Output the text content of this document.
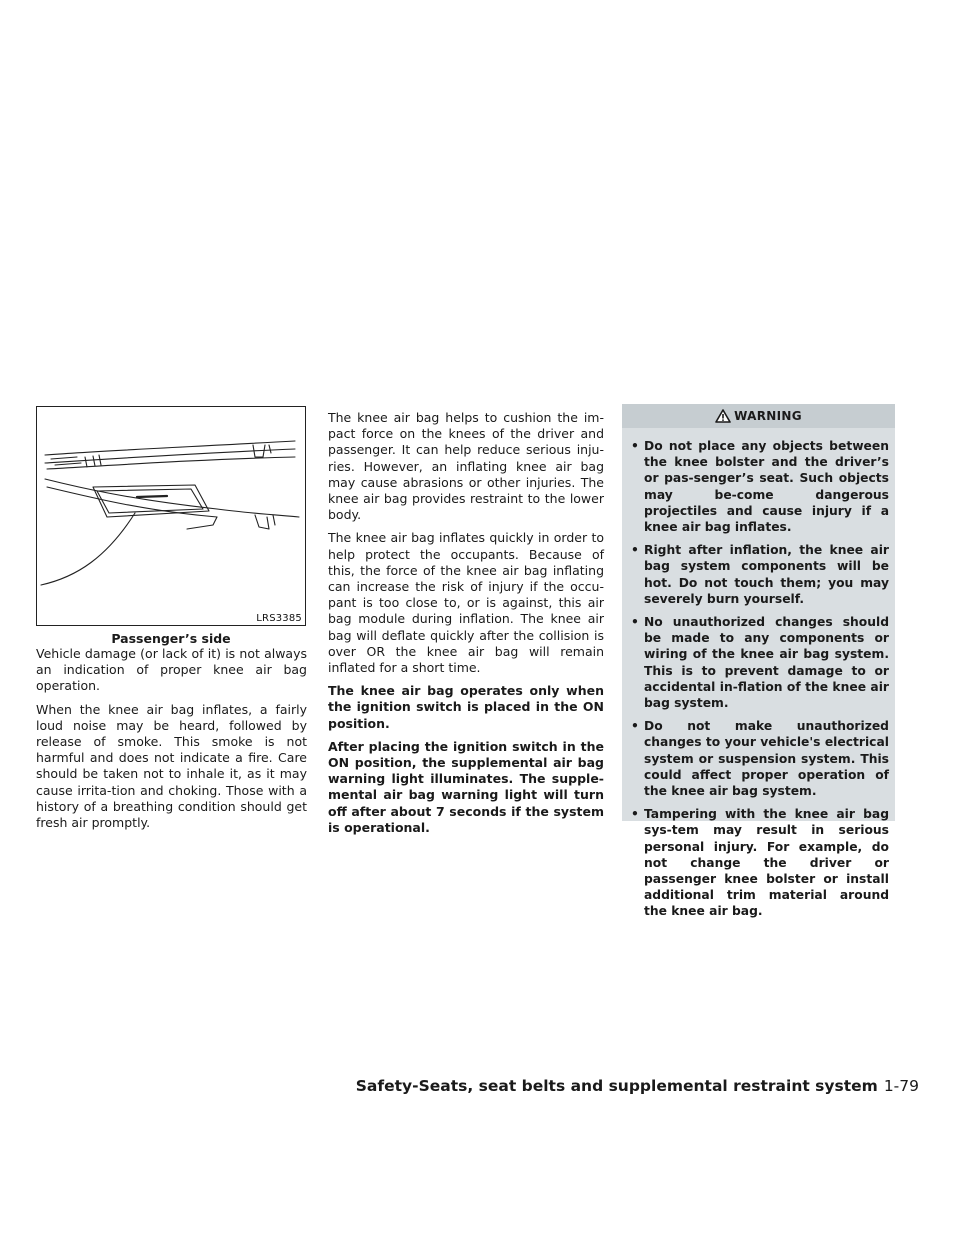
LRS3385
Passenger’s side

Vehicle damage (or lack of it) is not always an indication of proper knee air bag operation.

When the knee air bag inflates, a fairly loud noise may be heard, followed by release of smoke. This smoke is not harmful and does not indicate a fire. Care should be taken not to inhale it, as it may cause irrita-tion and choking. Those with a history of a breathing condition should get fresh air promptly.

The knee air bag helps to cushion the im-pact force on the knees of the driver and passenger. It can help reduce serious inju-ries. However, an inflating knee air bag may cause abrasions or other injuries. The knee air bag provides restraint to the lower body.

The knee air bag inflates quickly in order to help protect the occupants. Because of this, the force of the knee air bag inflating can increase the risk of injury if the occu-pant is too close to, or is against, this air bag module during inflation. The knee air bag will deflate quickly after the collision is over OR the knee air bag will remain inflated for a short time.

The knee air bag operates only when the ignition switch is placed in the ON position.

After placing the ignition switch in the ON position, the supplemental air bag warning light illuminates. The supple-mental air bag warning light will turn off after about 7 seconds if the system is operational.

WARNING
• Do not place any objects between the knee bolster and the driver’s or pas-senger’s seat. Such objects may be-come dangerous projectiles and cause injury if a knee air bag inflates.
• Right after inflation, the knee air bag system components will be hot. Do not touch them; you may severely burn yourself.
• No unauthorized changes should be made to any components or wiring of the knee air bag system. This is to prevent damage to or accidental in-flation of the knee air bag system.
• Do not make unauthorized changes to your vehicle's electrical system or suspension system. This could affect proper operation of the knee air bag system.
• Tampering with the knee air bag sys-tem may result in serious personal injury. For example, do not change the driver or passenger knee bolster or install additional trim material around the knee air bag.
Safety-Seats, seat belts and supplemental restraint system 1-79
